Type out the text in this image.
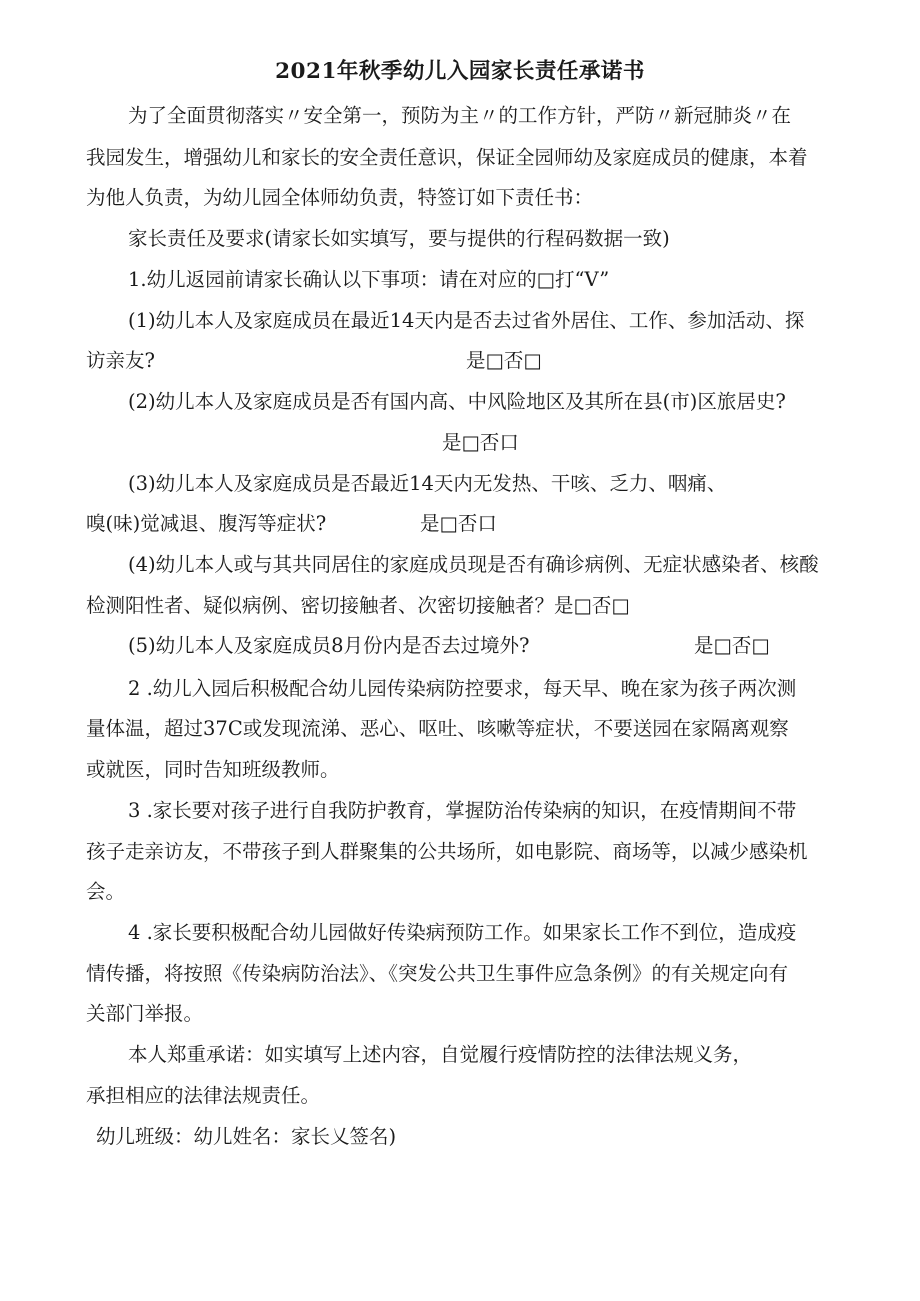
2021年秋季幼儿入园家长责任承诺书
为了全面贯彻落实〃安全第一，预防为主〃的工作方针，严防〃新冠肺炎〃在
我园发生，增强幼儿和家长的安全责任意识，保证全园师幼及家庭成员的健康，本着
为他人负责，为幼儿园全体师幼负责，特签订如下责任书：
家长责任及要求(请家长如实填写，要与提供的行程码数据一致)
1.幼儿返园前请家长确认以下事项：请在对应的□打“V”
(1)幼儿本人及家庭成员在最近14天内是否去过省外居住、工作、参加活动、探
访亲友?	是□否□
(2)幼儿本人及家庭成员是否有国内高、中风险地区及其所在县(市)区旅居史?
是□否口
(3)幼儿本人及家庭成员是否最近14天内无发热、干咳、乏力、咽痛、
嗅(味)觉减退、腹泻等症状?	是□否口
(4)幼儿本人或与其共同居住的家庭成员现是否有确诊病例、无症状感染者、核酸
检测阳性者、疑似病例、密切接触者、次密切接触者？是□否□
(5)幼儿本人及家庭成员8月份内是否去过境外?	是□否□
2 .幼儿入园后积极配合幼儿园传染病防控要求，每天早、晚在家为孩子两次测
量体温，超过37C或发现流涕、恶心、呕吐、咳嗽等症状，不要送园在家隔离观察
或就医，同时告知班级教师。
3 .家长要对孩子进行自我防护教育，掌握防治传染病的知识，在疫情期间不带
孩子走亲访友，不带孩子到人群聚集的公共场所，如电影院、商场等，以减少感染机
会。
4 .家长要积极配合幼儿园做好传染病预防工作。如果家长工作不到位，造成疫
情传播，将按照《传染病防治法》、《突发公共卫生事件应急条例》的有关规定向有
关部门举报。
本人郑重承诺：如实填写上述内容，自觉履行疫情防控的法律法规义务，
承担相应的法律法规责任。
幼儿班级：幼儿姓名：家长乂签名)
